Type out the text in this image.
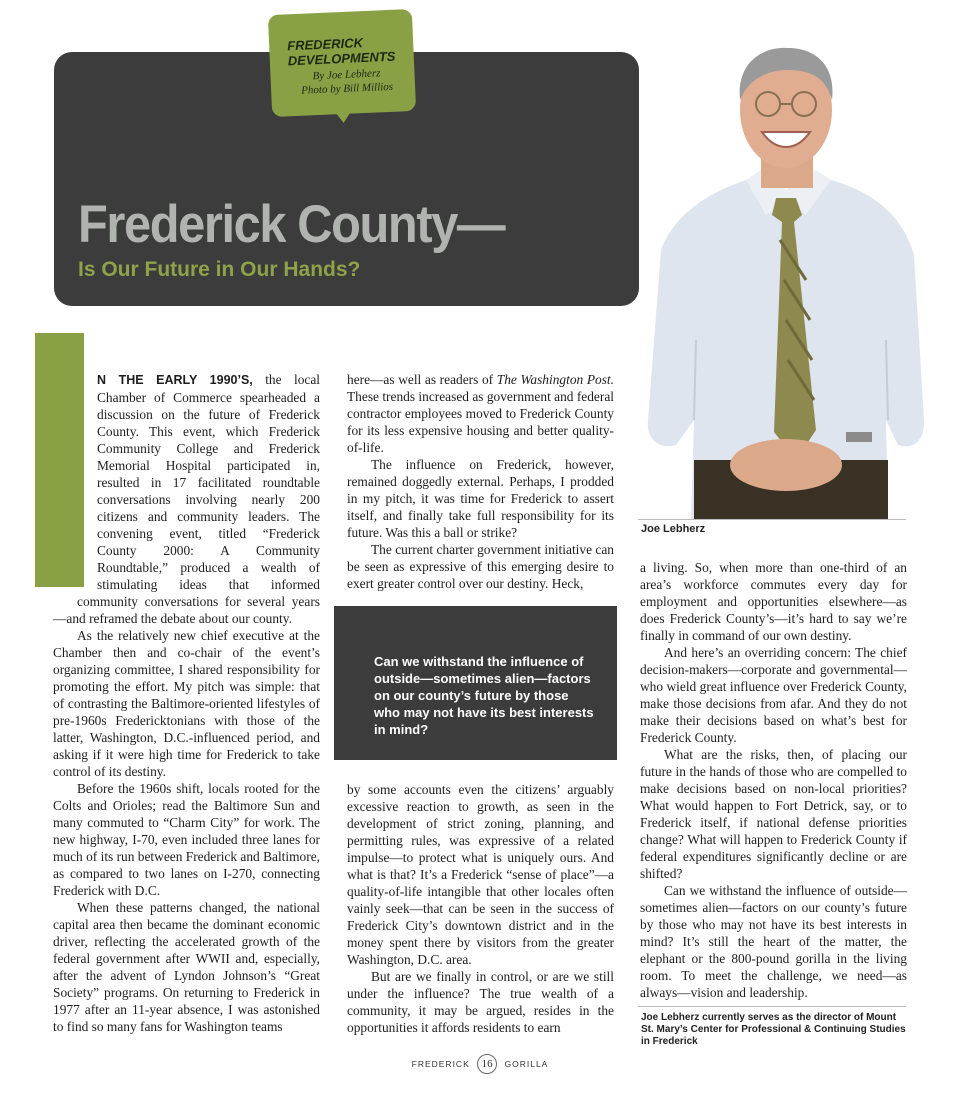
Frederick County—
Is Our Future in Our Hands?
FREDERICK DEVELOPMENTS
By Joe Lebherz
Photo by Bill Millios
Joe Lebherz

N THE EARLY 1990’S, the local Chamber of Commerce spearheaded a discussion on the future of Frederick County. This event, which Frederick Community College and Frederick Memorial Hospital participated in, resulted in 17 facilitated roundtable conversations involving nearly 200 citizens and community leaders. The convening event, titled “Frederick County 2000: A Community Roundtable,” produced a wealth of stimulating ideas that informed community conversations for several years—and reframed the debate about our county.

As the relatively new chief executive at the Chamber then and co-chair of the event’s organizing committee, I shared responsibility for promoting the effort. My pitch was simple: that of contrasting the Baltimore-oriented lifestyles of pre-1960s Fredericktonians with those of the latter, Washington, D.C.-influenced period, and asking if it were high time for Frederick to take control of its destiny.

Before the 1960s shift, locals rooted for the Colts and Orioles; read the Baltimore Sun and many commuted to “Charm City” for work. The new highway, I-70, even included three lanes for much of its run between Frederick and Baltimore, as compared to two lanes on I-270, connecting Frederick with D.C.

When these patterns changed, the national capital area then became the dominant economic driver, reflecting the accelerated growth of the federal government after WWII and, especially, after the advent of Lyndon Johnson’s “Great Society” programs. On returning to Frederick in 1977 after an 11-year absence, I was astonished to find so many fans for Washington teams

here—as well as readers of The Washington Post. These trends increased as government and federal contractor employees moved to Frederick County for its less expensive housing and better quality-of-life.

The influence on Frederick, however, remained doggedly external. Perhaps, I prodded in my pitch, it was time for Frederick to assert itself, and finally take full responsibility for its future. Was this a ball or strike?

The current charter government initiative can be seen as expressive of this emerging desire to exert greater control over our destiny. Heck,

Can we withstand the influence of outside—sometimes alien—factors on our county’s future by those who may not have its best interests in mind?

by some accounts even the citizens’ arguably excessive reaction to growth, as seen in the development of strict zoning, planning, and permitting rules, was expressive of a related impulse—to protect what is uniquely ours. And what is that? It’s a Frederick “sense of place”—a quality-of-life intangible that other locales often vainly seek—that can be seen in the success of Frederick City’s downtown district and in the money spent there by visitors from the greater Washington, D.C. area.

But are we finally in control, or are we still under the influence? The true wealth of a community, it may be argued, resides in the opportunities it affords residents to earn

a living. So, when more than one-third of an area’s workforce commutes every day for employment and opportunities elsewhere—as does Frederick County’s—it’s hard to say we’re finally in command of our own destiny.

And here’s an overriding concern: The chief decision-makers—corporate and governmental—who wield great influence over Frederick County, make those decisions from afar. And they do not make their decisions based on what’s best for Frederick County.

What are the risks, then, of placing our future in the hands of those who are compelled to make decisions based on non-local priorities? What would happen to Fort Detrick, say, or to Frederick itself, if national defense priorities change? What will happen to Frederick County if federal expenditures significantly decline or are shifted?

Can we withstand the influence of outside—sometimes alien—factors on our county’s future by those who may not have its best interests in mind? It’s still the heart of the matter, the elephant or the 800-pound gorilla in the living room. To meet the challenge, we need—as always—vision and leadership.

Joe Lebherz currently serves as the director of Mount St. Mary’s Center for Professional & Continuing Studies in Frederick
FREDERICK 16 GORILLA
